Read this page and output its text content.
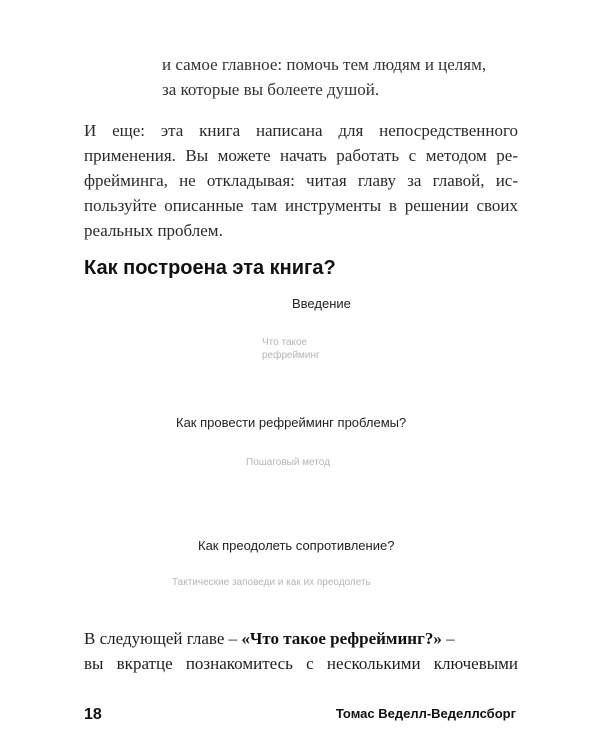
и самое главное: помочь тем людям и целям,
за которые вы болеете душой.
И еще: эта книга написана для непосредственного
применения. Вы можете начать работать с методом ре-
фрейминга, не откладывая: читая главу за главой, ис-
пользуйте описанные там инструменты в решении своих
реальных проблем.
Как построена эта книга?
Введение
Что такое
рефрейминг
Как провести рефрейминг проблемы?
Пошаговый метод
Как преодолеть сопротивление?
Тактические заповеди и как их преодолеть
В следующей главе – «Что такое рефрейминг?» –
вы вкратце познакомитесь с несколькими ключевыми
18	Томас Веделл-Веделлсборг
